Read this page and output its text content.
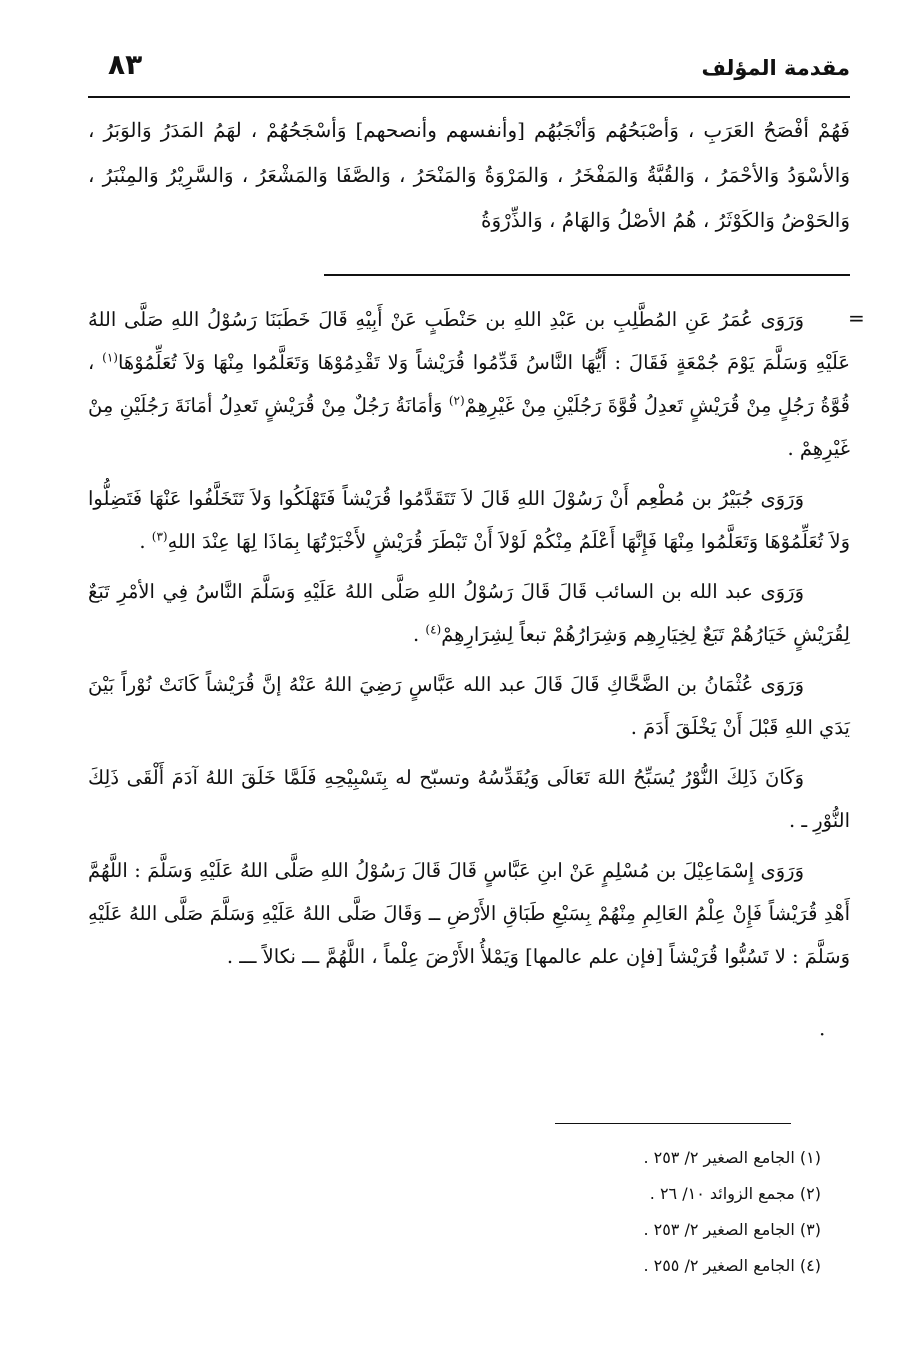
مقدمة المؤلف
٨٣
فَهُمْ أفْصَحُ العَرَبِ ، وَأصْبَحُهُم وَأنْجَبُهُم [وأنفسهم وأنصحهم] وَأسْجَحُهُمْ ، لهَمُ المَدَرُ وَالوَبَرُ ، وَالأسْوَدُ وَالأحْمَرُ ، وَالقُبَّةُ وَالمَفْخَرُ ، وَالمَرْوَةُ وَالمَنْحَرُ ، وَالصَّفَا وَالمَشْعَرُ ، وَالسَّرِيْرُ وَالمِنْبَرُ ، وَالحَوْضُ وَالكَوْثَرُ ، هُمُ الأصْلُ وَالهَامُ ، وَالذِّرْوَةُ
=
·

وَرَوَى عُمَرُ عَنِ المُطَّلِبِ بن عَبْدِ اللهِ بن حَنْطَبٍ عَنْ أَبِيْهِ قَالَ خَطَبَنَا رَسُوْلُ اللهِ صَلَّى اللهُ عَلَيْهِ وَسَلَّمَ يَوْمَ جُمْعَةٍ فَقَالَ : أَيُّهَا النَّاسُ قَدِّمُوا قُرَيْشاً وَلا تَقْدِمُوْهَا وَتَعَلَّمُوا مِنْهَا وَلاَ تُعَلِّمُوْهَا$^{(١)}$ ، قُوَّةُ رَجُلٍ مِنْ قُرَيْشٍ تَعدِلُ قُوَّةَ رَجُلَيْنِ مِنْ غَيْرِهِمْ$^{(٢)}$ وَأمَانَةُ رَجُلٌ مِنْ قُرَيْشٍ تَعدِلُ أمَانَةَ رَجُلَيْنِ مِنْ غَيْرِهِمْ .

وَرَوَى جُبَيْرُ بن مُطْعِم أَنْ رَسُوْلَ اللهِ قَالَ لاَ تَتَقَدَّمُوا قُرَيْشاً فَتَهْلَكُوا وَلاَ تَتَخَلَّفُوا عَنْهَا فَتَضِلُّوا وَلاَ تُعَلِّمُوْهَا وَتَعَلَّمُوا مِنْهَا فَإِنَّهَا أَعْلَمُ مِنْكُمْ لَوْلاَ أَنْ تَبْطَرَ قُرَيْشٍ لأَخْبَرْتُهَا بِمَاذَا لِهَا عِنْدَ اللهِ$^{(٣)}$ .

وَرَوَى عبد الله بن السائب قَالَ قَالَ رَسُوْلُ اللهِ صَلَّى اللهُ عَلَيْهِ وَسَلَّمَ النَّاسُ فِي الأمْرِ تَبَعٌ لِقُرَيْشٍ خَيَارُهُمْ تَبَعٌ لِخِيَارِهِم وَشِرَارُهُمْ تبعاً لِشِرَارِهِمْ$^{(٤)}$ .

وَرَوَى عُثْمَانُ بن الضَّحَّاكِ قَالَ قَالَ عبد الله عَبَّاسٍ رَضِيَ اللهُ عَنْهُ إنَّ قُرَيْشاً كَانَتْ نُوْراً بَيْنَ يَدَي اللهِ قَبْلَ أَنْ يَخْلَقَ أَدَمَ .

وَكَانَ ذَلِكَ النُّوْرُ يُسَبِّحُ اللهَ تَعَالَى وَيُقَدِّسُهُ وتسبّح له بِتَسْبِيْحِهِ فَلَمَّا خَلَقَ اللهُ آدَمَ أَلْقَى ذَلِكَ النُّوْرِ ـ .

وَرَوَى إِسْمَاعِيْلَ بن مُسْلِمٍ عَنْ ابنِ عَبَّاسٍ قَالَ قَالَ رَسُوْلُ اللهِ صَلَّى اللهُ عَلَيْهِ وَسَلَّمَ : اللَّهُمَّ أَهْدِ قُرَيْشاً فَإِنْ عِلْمُ العَالِمِ مِنْهُمْ بِسَبْعِ طَبَاقِ الأَرْضِ ــ وَقَالَ صَلَّى اللهُ عَلَيْهِ وَسَلَّمَ صَلَّى اللهُ عَلَيْهِ وَسَلَّمَ : لا تَسُبُّوا قُرَيْشاً [فإن علم عالمها] وَيَمْلأُ الأَرْضَ عِلْماً ، اللَّهُمَّ ـــ نكالاً ـــ .

(١) الجامع الصغير ٢/ ٢٥٣ .
(٢) مجمع الزوائد ١٠/ ٢٦ .
(٣) الجامع الصغير ٢/ ٢٥٣ .
(٤) الجامع الصغير ٢/ ٢٥٥ .
